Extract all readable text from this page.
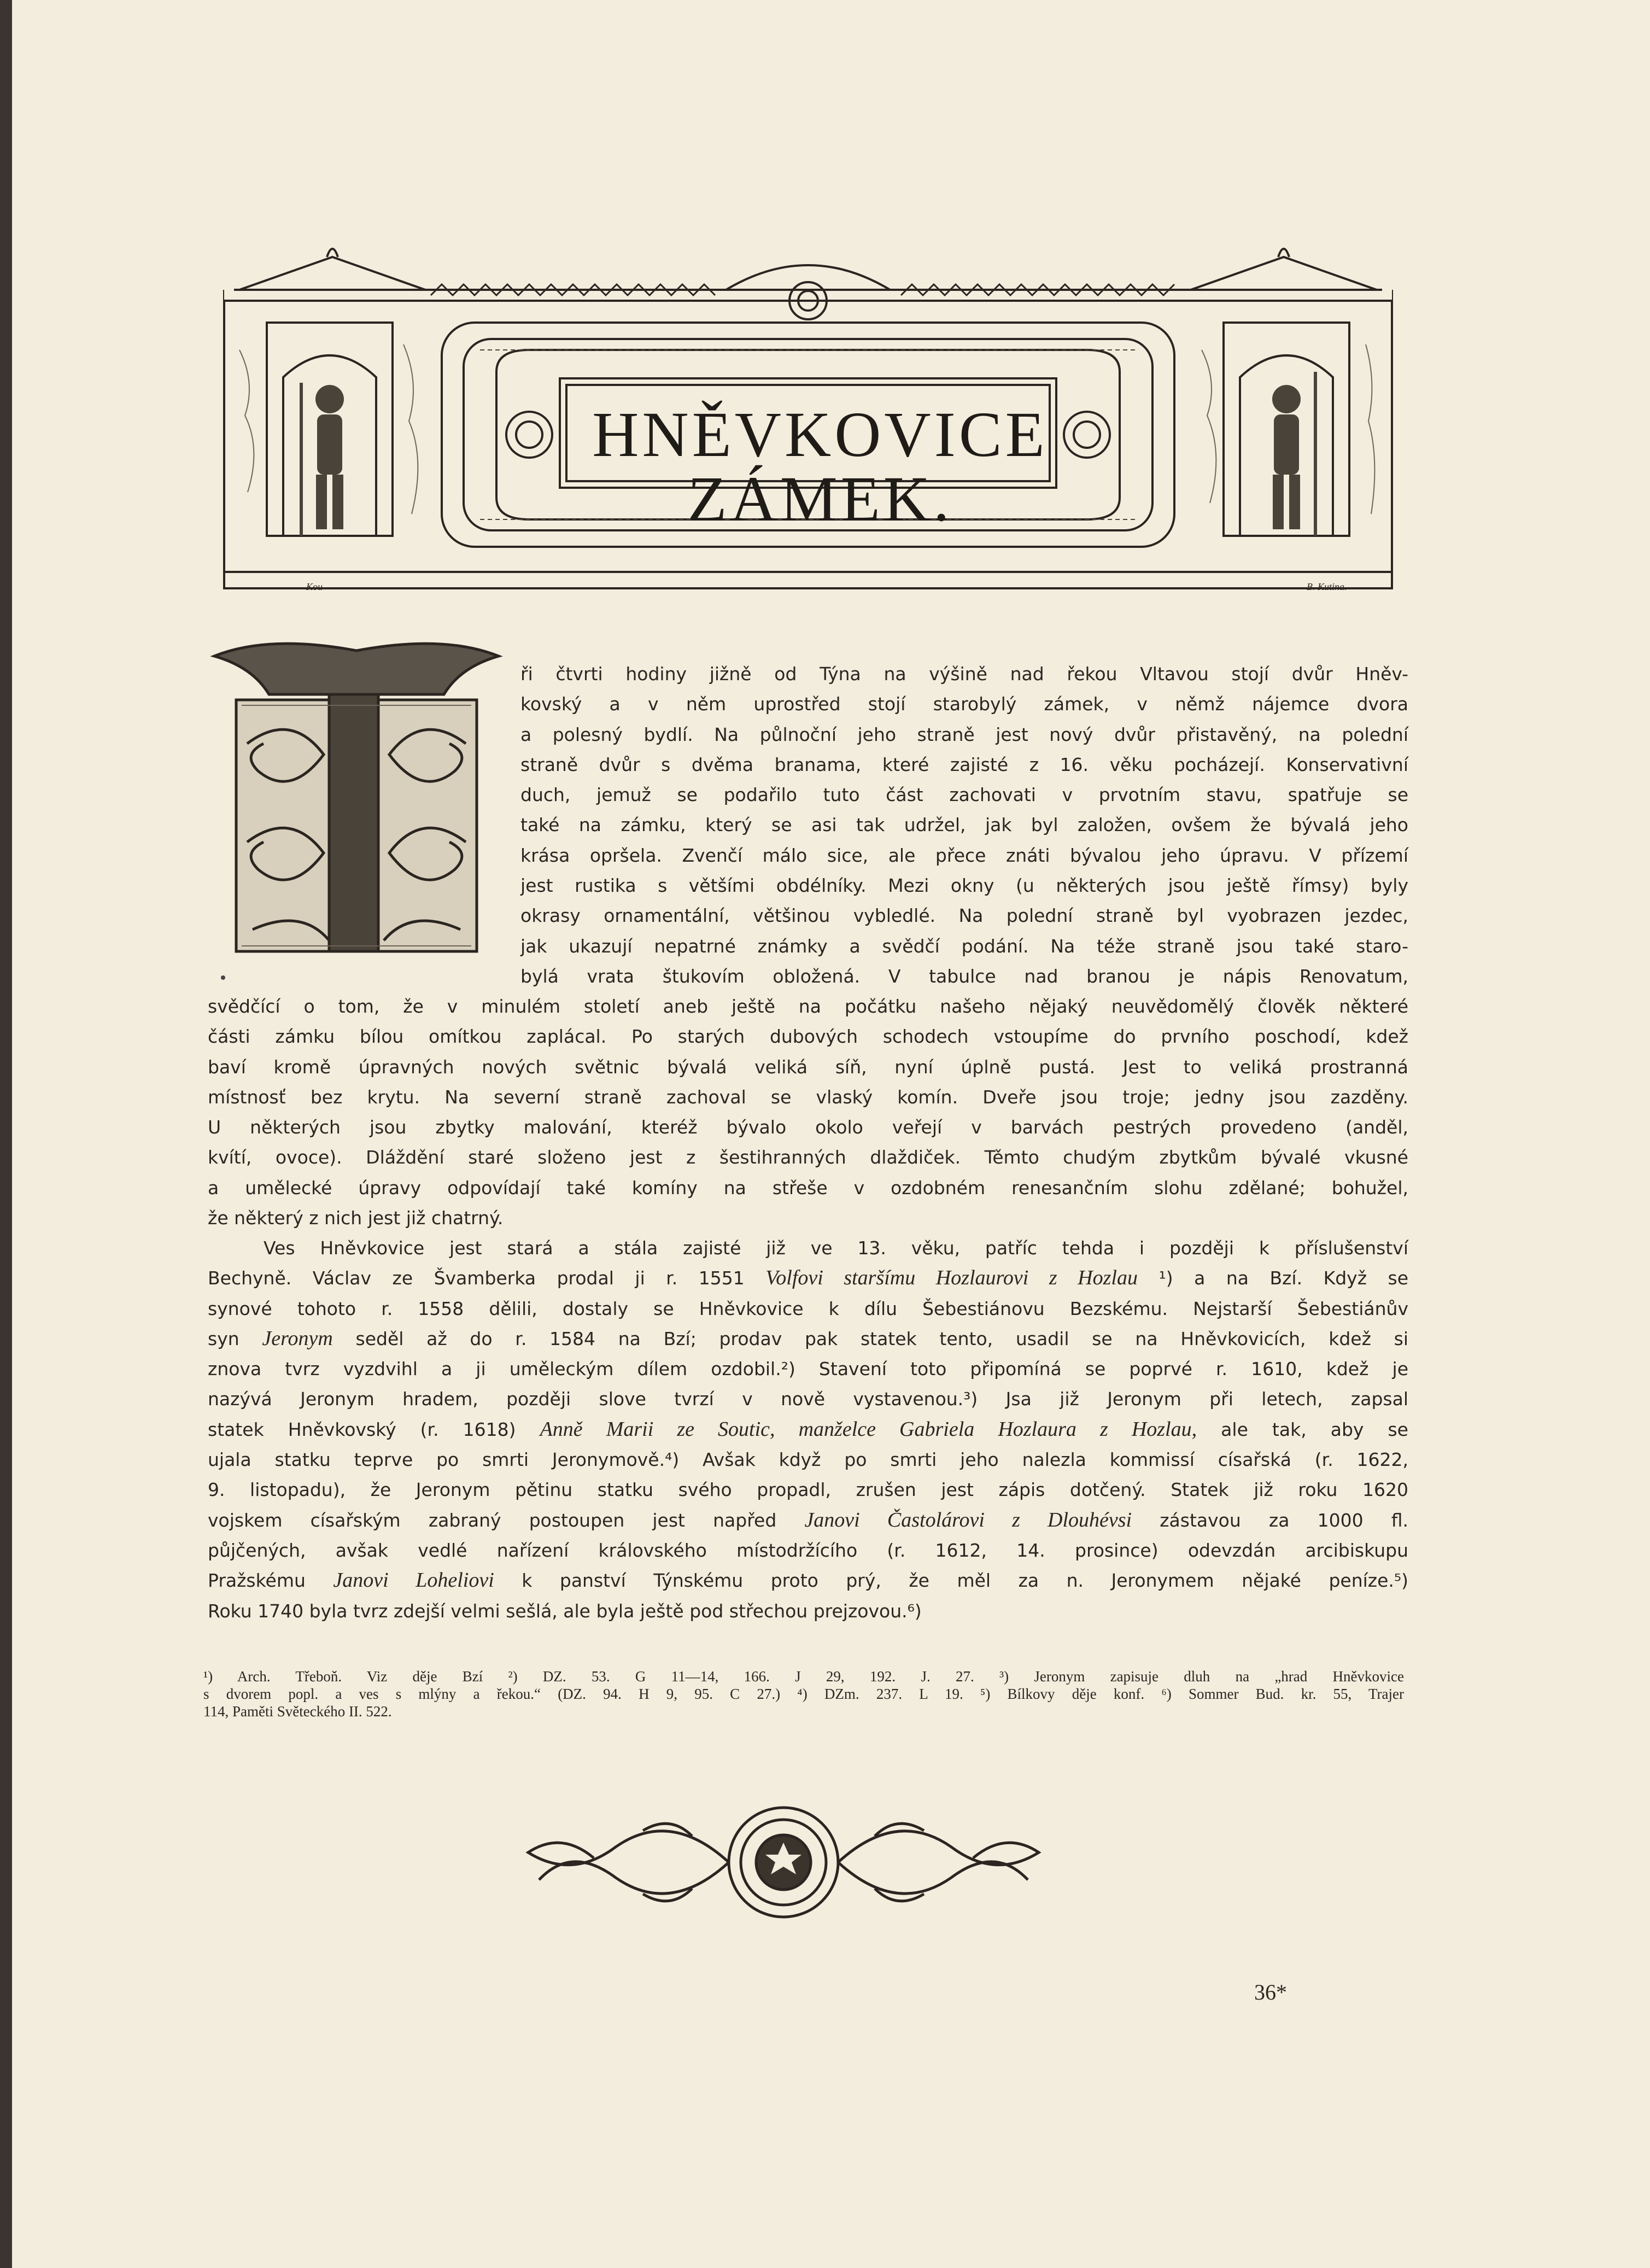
HNĚVKOVICE ZÁMEK.
Kou	B. Kutina.
ři čtvrti hodiny jižně od Týna na výšině nad řekou Vltavou stojí dvůr Hněv-
kovský a v něm uprostřed stojí starobylý zámek, v němž nájemce dvora
a polesný bydlí. Na půlnoční jeho straně jest nový dvůr přistavěný, na polední
straně dvůr s dvěma branama, které zajisté z 16. věku pocházejí. Konservativní
duch, jemuž se podařilo tuto část zachovati v prvotním stavu, spatřuje se
také na zámku, který se asi tak udržel, jak byl založen, ovšem že bývalá jeho
krása opršela. Zvenčí málo sice, ale přece znáti bývalou jeho úpravu. V přízemí
jest rustika s většími obdélníky. Mezi okny (u některých jsou ještě římsy) byly
okrasy ornamentální, většinou vybledlé. Na polední straně byl vyobrazen jezdec,
jak ukazují nepatrné známky a svědčí podání. Na téže straně jsou také staro-
bylá vrata štukovím obložená. V tabulce nad branou je nápis Renovatum,
svědčící o tom, že v minulém století aneb ještě na počátku našeho nějaký neuvědomělý člověk některé
části zámku bílou omítkou zaplácal. Po starých dubových schodech vstoupíme do prvního poschodí, kdež
baví kromě úpravných nových světnic bývalá veliká síň, nyní úplně pustá. Jest to veliká prostranná
místnosť bez krytu. Na severní straně zachoval se vlaský komín. Dveře jsou troje; jedny jsou zazděny.
U některých jsou zbytky malování, kteréž bývalo okolo veřejí v barvách pestrých provedeno (anděl,
kvítí, ovoce). Dláždění staré složeno jest z šestihranných dlaždiček. Těmto chudým zbytkům bývalé vkusné
a umělecké úpravy odpovídají také komíny na střeše v ozdobném renesančním slohu zdělané; bohužel,
že některý z nich jest již chatrný.
Ves Hněvkovice jest stará a stála zajisté již ve 13. věku, patříc tehda i později k příslušenství
Bechyně. Václav ze Švamberka prodal ji r. 1551 Volfovi staršímu Hozlaurovi z Hozlau ¹) a na Bzí. Když se
synové tohoto r. 1558 dělili, dostaly se Hněvkovice k dílu Šebestiánovu Bezskému. Nejstarší Šebestiánův
syn Jeronym seděl až do r. 1584 na Bzí; prodav pak statek tento, usadil se na Hněvkovicích, kdež si
znova tvrz vyzdvihl a ji uměleckým dílem ozdobil.²) Stavení toto připomíná se poprvé r. 1610, kdež je
nazývá Jeronym hradem, později slove tvrzí v nově vystavenou.³) Jsa již Jeronym při letech, zapsal
statek Hněvkovský (r. 1618) Anně Marii ze Soutic, manželce Gabriela Hozlaura z Hozlau, ale tak, aby se
ujala statku teprve po smrti Jeronymově.⁴) Avšak když po smrti jeho nalezla kommissí císařská (r. 1622,
9. listopadu), že Jeronym pětinu statku svého propadl, zrušen jest zápis dotčený. Statek již roku 1620
vojskem císařským zabraný postoupen jest napřed Janovi Častolárovi z Dlouhévsi zástavou za 1000 fl.
půjčených, avšak vedlé nařízení královského místodržícího (r. 1612, 14. prosince) odevzdán arcibiskupu
Pražskému Janovi Loheliovi k panství Týnskému proto prý, že měl za n. Jeronymem nějaké peníze.⁵)
Roku 1740 byla tvrz zdejší velmi sešlá, ale byla ještě pod střechou prejzovou.⁶)
¹) Arch. Třeboň. Viz děje Bzí ²) DZ. 53. G 11—14, 166. J 29, 192. J. 27. ³) Jeronym zapisuje dluh na „hrad Hněvkovice
s dvorem popl. a ves s mlýny a řekou.“ (DZ. 94. H 9, 95. C 27.) ⁴) DZm. 237. L 19. ⁵) Bílkovy děje konf. ⁶) Sommer Bud. kr. 55, Trajer
114, Paměti Světeckého II. 522.
36*
